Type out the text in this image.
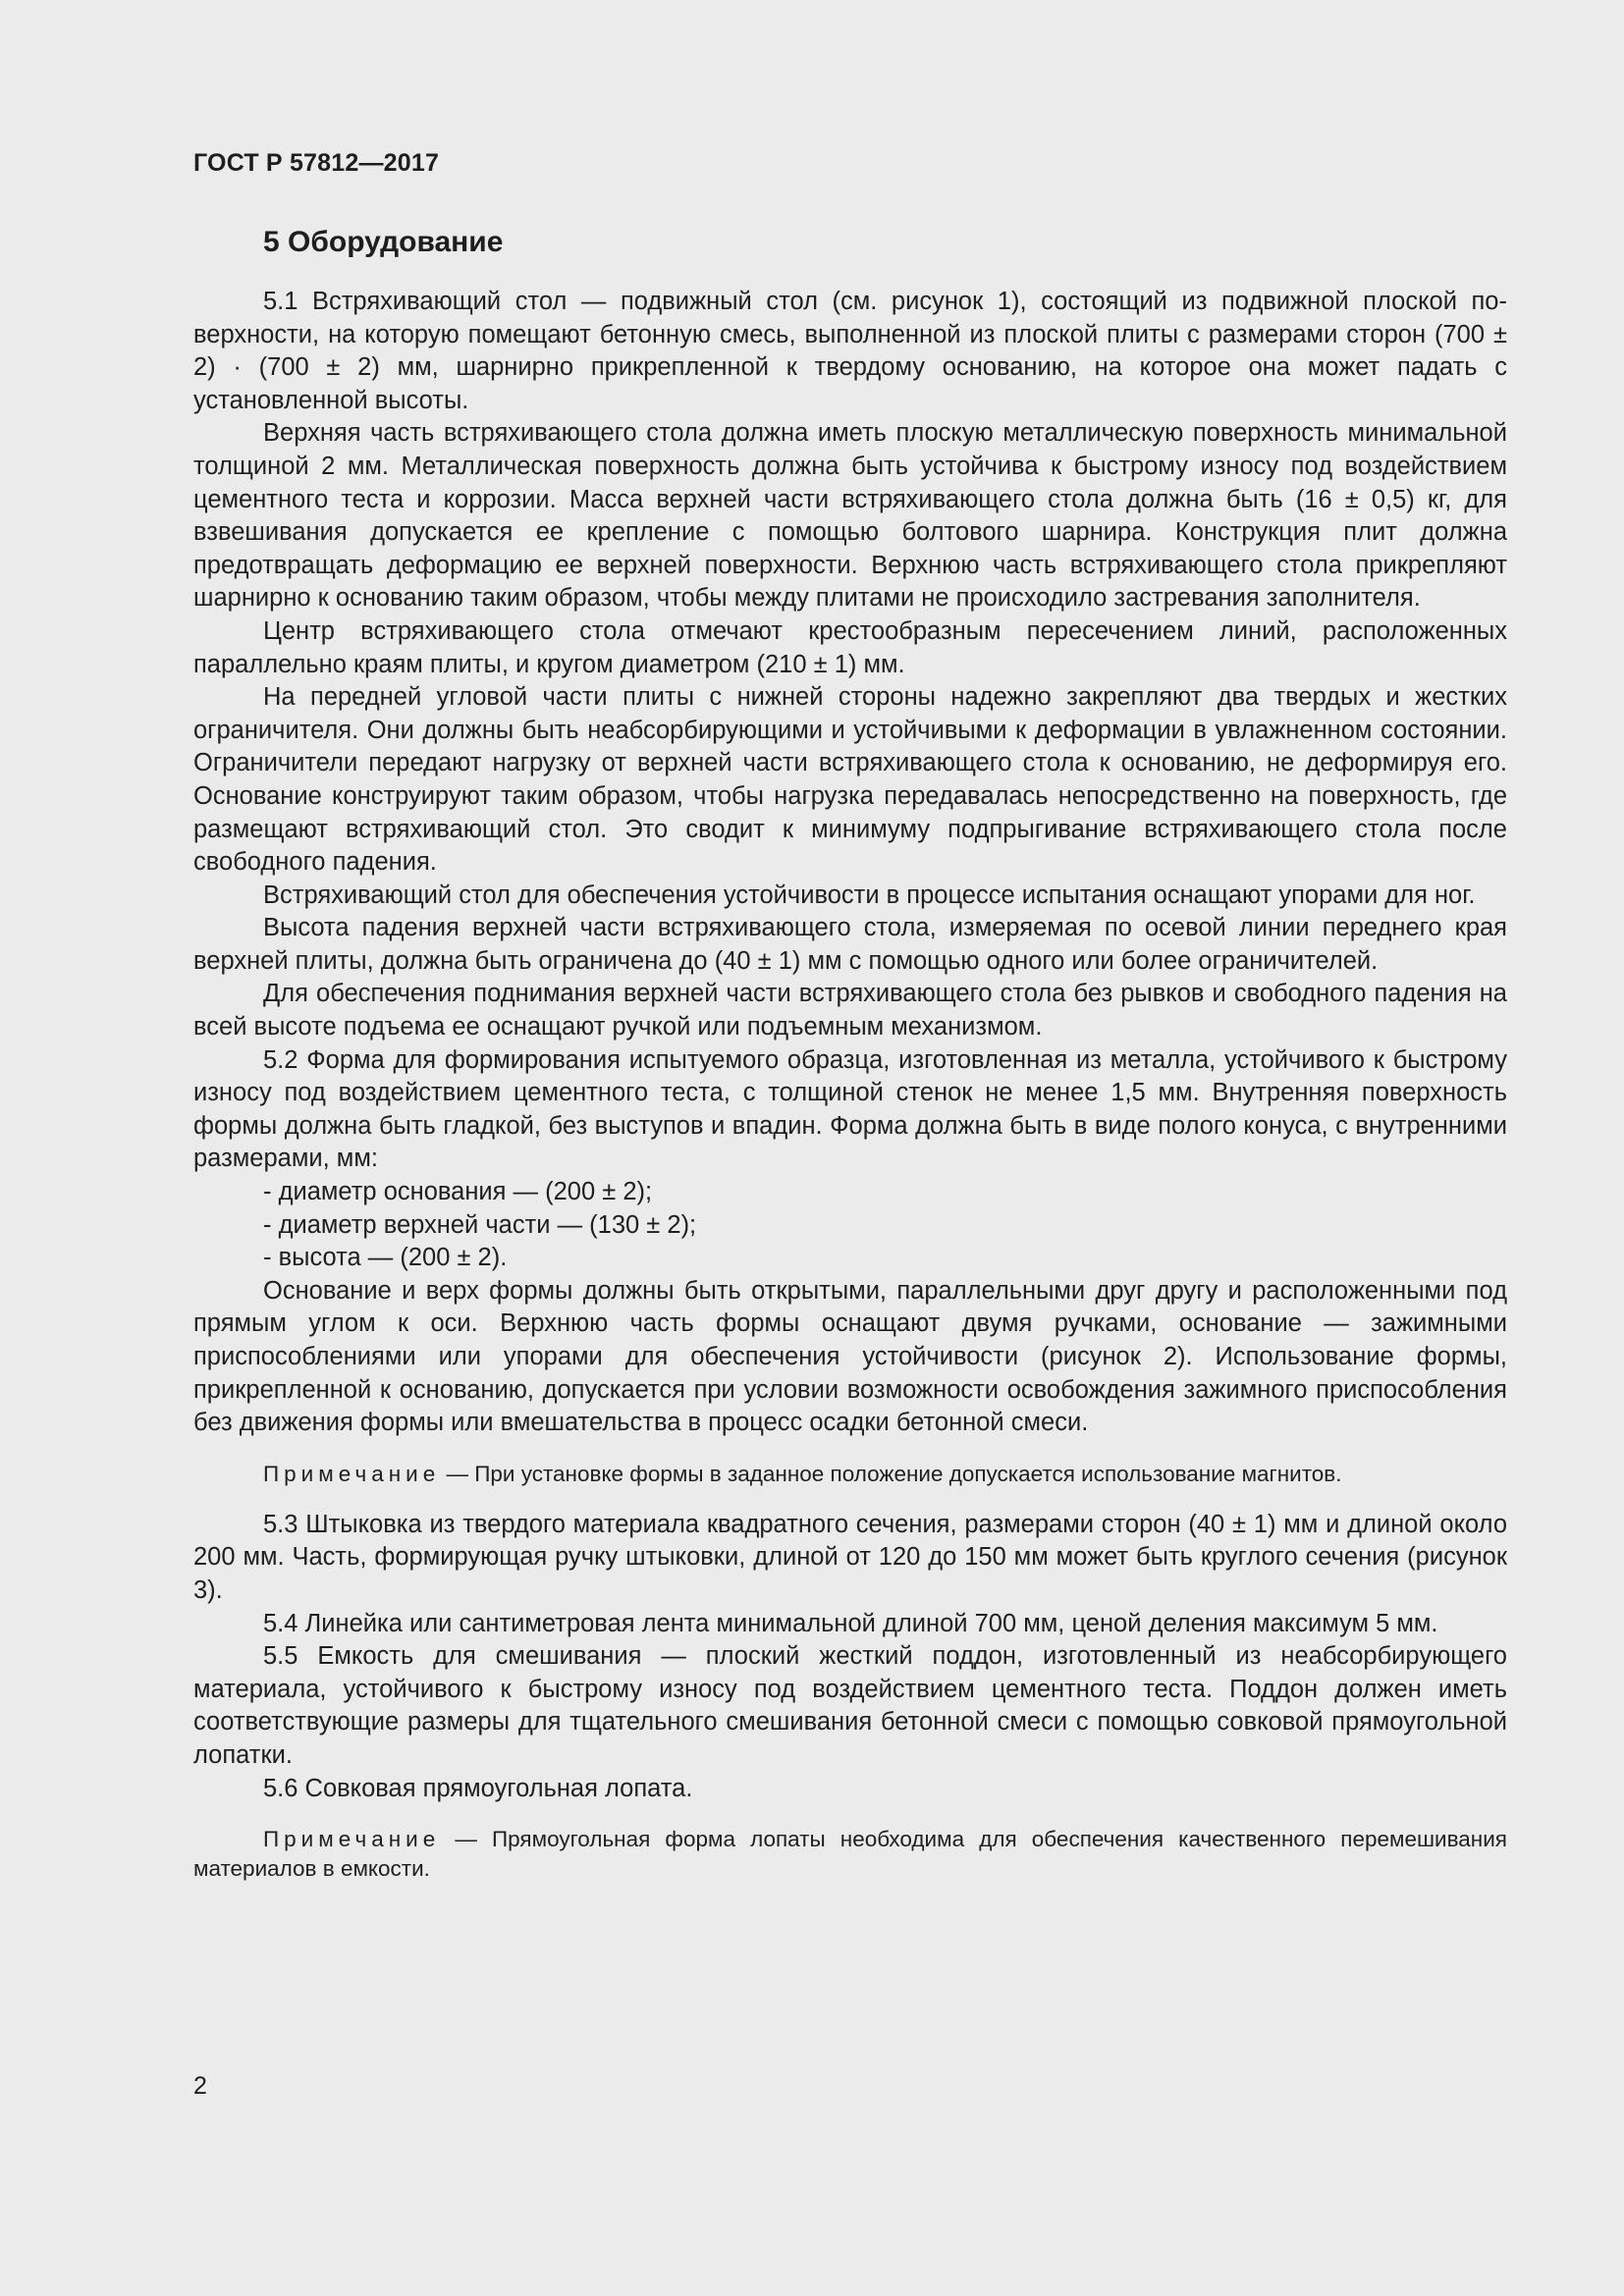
ГОСТ Р 57812—2017
5 Оборудование

5.1 Встряхивающий стол — подвижный стол (см. рисунок 1), состоящий из подвижной плоской поверхности, на которую помещают бетонную смесь, выполненной из плоской плиты с размерами сторон (700 ± 2) · (700 ± 2) мм, шарнирно прикрепленной к твердому основанию, на которое она может падать с установленной высоты.

Верхняя часть встряхивающего стола должна иметь плоскую металлическую поверхность минимальной толщиной 2 мм. Металлическая поверхность должна быть устойчива к быстрому износу под воздействием цементного теста и коррозии. Масса верхней части встряхивающего стола должна быть (16 ± 0,5) кг, для взвешивания допускается ее крепление с помощью болтового шарнира. Конструкция плит должна предотвращать деформацию ее верхней поверхности. Верхнюю часть встряхивающего стола прикрепляют шарнирно к основанию таким образом, чтобы между плитами не происходило застревания заполнителя.

Центр встряхивающего стола отмечают крестообразным пересечением линий, расположенных параллельно краям плиты, и кругом диаметром (210 ± 1) мм.

На передней угловой части плиты с нижней стороны надежно закрепляют два твердых и жестких ограничителя. Они должны быть неабсорбирующими и устойчивыми к деформации в увлажненном состоянии. Ограничители передают нагрузку от верхней части встряхивающего стола к основанию, не деформируя его. Основание конструируют таким образом, чтобы нагрузка передавалась непосредственно на поверхность, где размещают встряхивающий стол. Это сводит к минимуму подпрыгивание встряхивающего стола после свободного падения.

Встряхивающий стол для обеспечения устойчивости в процессе испытания оснащают упорами для ног.

Высота падения верхней части встряхивающего стола, измеряемая по осевой линии переднего края верхней плиты, должна быть ограничена до (40 ± 1) мм с помощью одного или более ограничителей.

Для обеспечения поднимания верхней части встряхивающего стола без рывков и свободного падения на всей высоте подъема ее оснащают ручкой или подъемным механизмом.

5.2 Форма для формирования испытуемого образца, изготовленная из металла, устойчивого к быстрому износу под воздействием цементного теста, с толщиной стенок не менее 1,5 мм. Внутренняя поверхность формы должна быть гладкой, без выступов и впадин. Форма должна быть в виде полого конуса, с внутренними размерами, мм:

- диаметр основания — (200 ± 2);

- диаметр верхней части — (130 ± 2);

- высота — (200 ± 2).

Основание и верх формы должны быть открытыми, параллельными друг другу и расположенными под прямым углом к оси. Верхнюю часть формы оснащают двумя ручками, основание — зажимными приспособлениями или упорами для обеспечения устойчивости (рисунок 2). Использование формы, прикрепленной к основанию, допускается при условии возможности освобождения зажимного приспособления без движения формы или вмешательства в процесс осадки бетонной смеси.

Примечание — При установке формы в заданное положение допускается использование магнитов.

5.3 Штыковка из твердого материала квадратного сечения, размерами сторон (40 ± 1) мм и длиной около 200 мм. Часть, формирующая ручку штыковки, длиной от 120 до 150 мм может быть круглого сечения (рисунок 3).

5.4 Линейка или сантиметровая лента минимальной длиной 700 мм, ценой деления максимум 5 мм.

5.5 Емкость для смешивания — плоский жесткий поддон, изготовленный из неабсорбирующего материала, устойчивого к быстрому износу под воздействием цементного теста. Поддон должен иметь соответствующие размеры для тщательного смешивания бетонной смеси с помощью совковой прямоугольной лопатки.

5.6 Совковая прямоугольная лопата.

Примечание — Прямоугольная форма лопаты необходима для обеспечения качественного перемешивания материалов в емкости.

2
